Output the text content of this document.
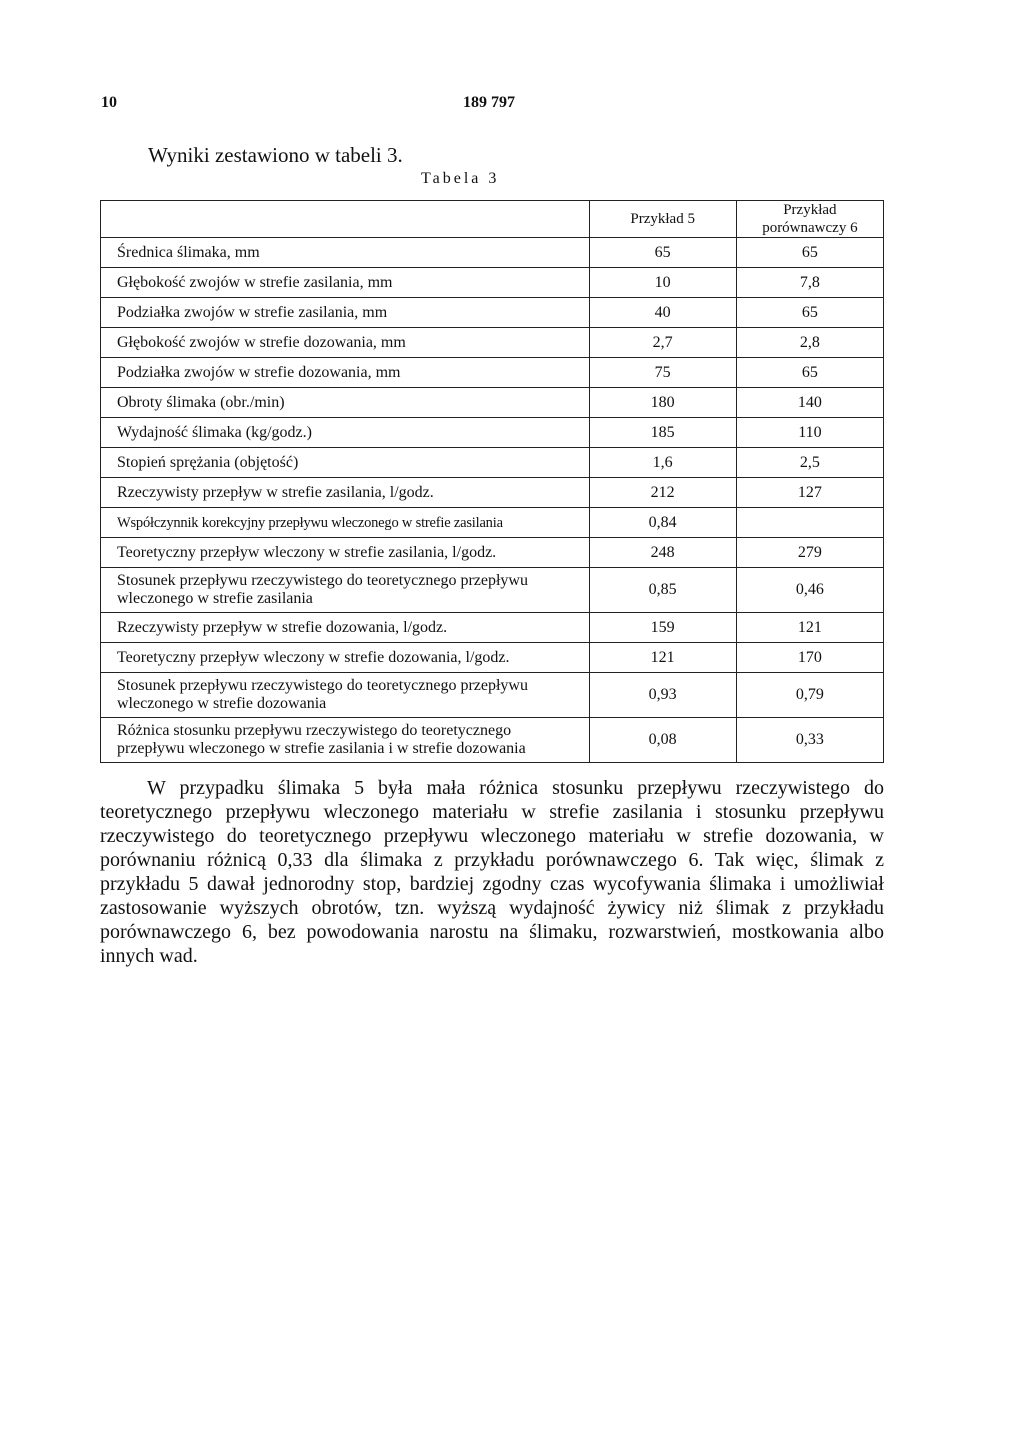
10	189 797
Wyniki zestawiono w tabeli 3.
Tabela 3
	Przykład 5	Przykład porównawczy 6
Średnica ślimaka, mm	65	65
Głębokość zwojów w strefie zasilania, mm	10	7,8
Podziałka zwojów w strefie zasilania, mm	40	65
Głębokość zwojów w strefie dozowania, mm	2,7	2,8
Podziałka zwojów w strefie dozowania, mm	75	65
Obroty ślimaka (obr./min)	180	140
Wydajność ślimaka (kg/godz.)	185	110
Stopień sprężania (objętość)	1,6	2,5
Rzeczywisty przepływ w strefie zasilania, l/godz.	212	127
Współczynnik korekcyjny przepływu wleczonego w strefie zasilania	0,84	
Teoretyczny przepływ wleczony w strefie zasilania, l/godz.	248	279
Stosunek przepływu rzeczywistego do teoretycznego przepływu wleczonego w strefie zasilania	0,85	0,46
Rzeczywisty przepływ w strefie dozowania, l/godz.	159	121
Teoretyczny przepływ wleczony w strefie dozowania, l/godz.	121	170
Stosunek przepływu rzeczywistego do teoretycznego przepływu wleczonego w strefie dozowania	0,93	0,79
Różnica stosunku przepływu rzeczywistego do teoretycznego przepływu wleczonego w strefie zasilania i w strefie dozowania	0,08	0,33
W przypadku ślimaka 5 była mała różnica stosunku przepływu rzeczywistego do teoretycznego przepływu wleczonego materiału w strefie zasilania i stosunku przepływu rzeczywistego do teoretycznego przepływu wleczonego materiału w strefie dozowania, w porównaniu różnicą 0,33 dla ślimaka z przykładu porównawczego 6. Tak więc, ślimak z przykładu 5 dawał jednorodny stop, bardziej zgodny czas wycofywania ślimaka i umożliwiał zastosowanie wyższych obrotów, tzn. wyższą wydajność żywicy niż ślimak z przykładu porównawczego 6, bez powodowania narostu na ślimaku, rozwarstwień, mostkowania albo innych wad.
